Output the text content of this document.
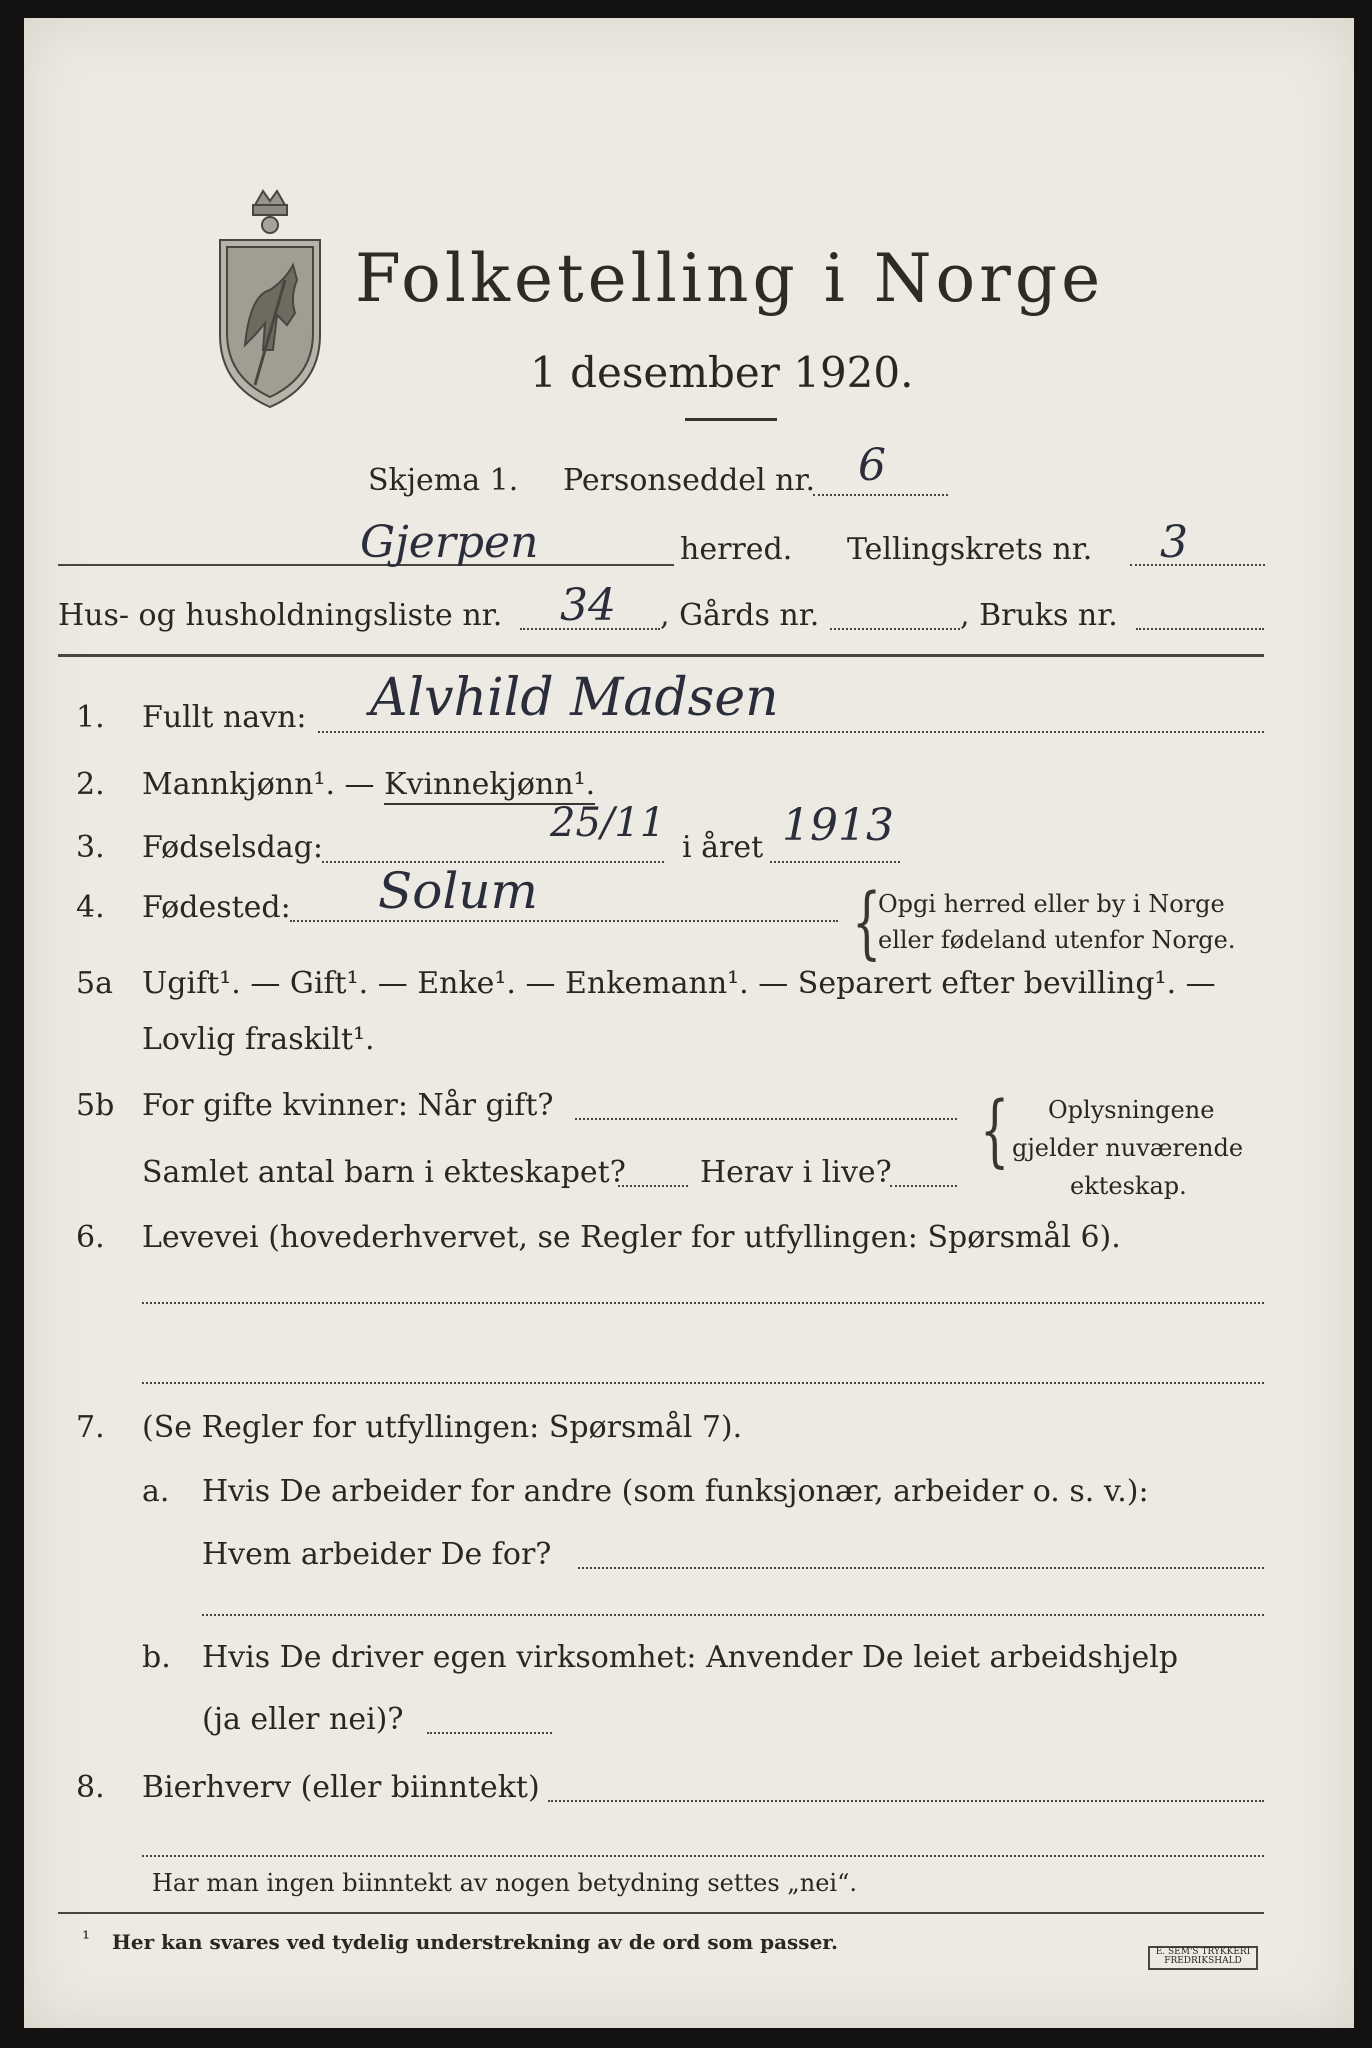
Folketelling i Norge
1 desember 1920.
Skjema 1. Personseddel nr. 6
Gjerpen	herred. Tellingskrets nr. 3
Hus- og husholdningsliste nr. 34 , Gårds nr.	, Bruks nr.
1. Fullt navn: Alvhild Madsen
2. Mannkjønn¹. — Kvinnekjønn¹.
3. Fødselsdag:
25/11
i året 1913
4. Fødested: Solum	{
Opgi herred eller by i Norge
eller fødeland utenfor Norge.
5a Ugift¹. — Gift¹. — Enke¹. — Enkemann¹. — Separert efter bevilling¹. —
Lovlig fraskilt¹.
5b For gifte kvinner: Når gift?
Samlet antal barn i ekteskapet? Herav i live? { Oplysningene
gjelder nuværende
ekteskap.
6. Levevei (hovederhvervet, se Regler for utfyllingen: Spørsmål 6).
7. (Se Regler for utfyllingen: Spørsmål 7).
a. Hvis De arbeider for andre (som funksjonær, arbeider o. s. v.):
Hvem arbeider De for?
b. Hvis De driver egen virksomhet: Anvender De leiet arbeidshjelp
(ja eller nei)?
8. Bierhverv (eller biinntekt)
Har man ingen biinntekt av nogen betydning settes „nei“.
¹ Her kan svares ved tydelig understrekning av de ord som passer.	E. SEM'S TRYKKERI FREDRIKSHALD
